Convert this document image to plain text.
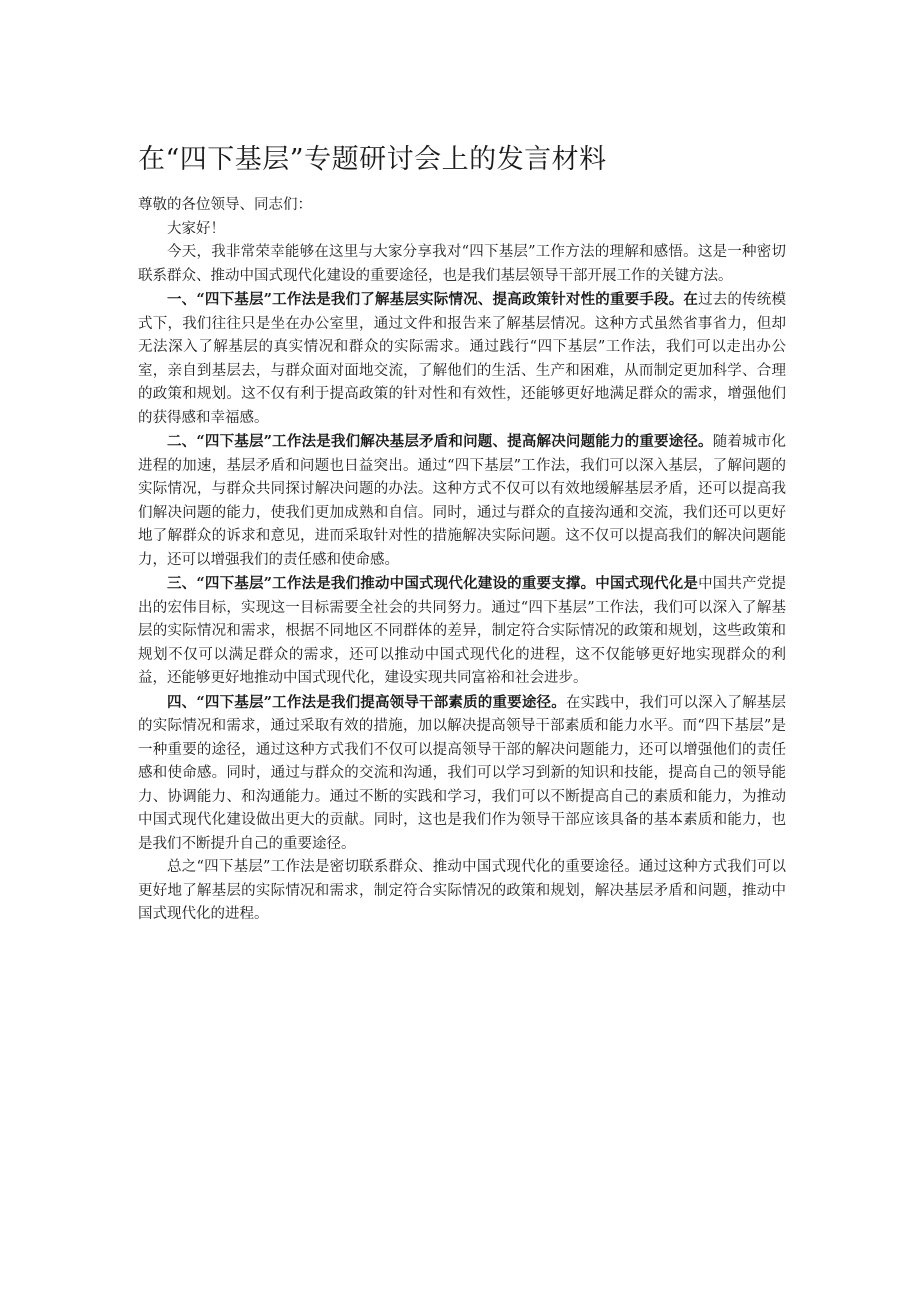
在“四下基层”专题研讨会上的发言材料

尊敬的各位领导、同志们：

大家好！

今天，我非常荣幸能够在这里与大家分享我对“四下基层”工作方法的理解和感悟。这是一种密切联系群众、推动中国式现代化建设的重要途径，也是我们基层领导干部开展工作的关键方法。

一、“四下基层”工作法是我们了解基层实际情况、提高政策针对性的重要手段。在过去的传统模式下，我们往往只是坐在办公室里，通过文件和报告来了解基层情况。这种方式虽然省事省力，但却无法深入了解基层的真实情况和群众的实际需求。通过践行“四下基层”工作法，我们可以走出办公室，亲自到基层去，与群众面对面地交流，了解他们的生活、生产和困难，从而制定更加科学、合理的政策和规划。这不仅有利于提高政策的针对性和有效性，还能够更好地满足群众的需求，增强他们的获得感和幸福感。

二、“四下基层”工作法是我们解决基层矛盾和问题、提高解决问题能力的重要途径。随着城市化进程的加速，基层矛盾和问题也日益突出。通过“四下基层”工作法，我们可以深入基层，了解问题的实际情况，与群众共同探讨解决问题的办法。这种方式不仅可以有效地缓解基层矛盾，还可以提高我们解决问题的能力，使我们更加成熟和自信。同时，通过与群众的直接沟通和交流，我们还可以更好地了解群众的诉求和意见，进而采取针对性的措施解决实际问题。这不仅可以提高我们的解决问题能力，还可以增强我们的责任感和使命感。

三、“四下基层”工作法是我们推动中国式现代化建设的重要支撑。中国式现代化是中国共产党提出的宏伟目标，实现这一目标需要全社会的共同努力。通过“四下基层”工作法，我们可以深入了解基层的实际情况和需求，根据不同地区不同群体的差异，制定符合实际情况的政策和规划，这些政策和规划不仅可以满足群众的需求，还可以推动中国式现代化的进程，这不仅能够更好地实现群众的利益，还能够更好地推动中国式现代化，建设实现共同富裕和社会进步。

四、“四下基层”工作法是我们提高领导干部素质的重要途径。在实践中，我们可以深入了解基层的实际情况和需求，通过采取有效的措施，加以解决提高领导干部素质和能力水平。而“四下基层”是一种重要的途径，通过这种方式我们不仅可以提高领导干部的解决问题能力，还可以增强他们的责任感和使命感。同时，通过与群众的交流和沟通，我们可以学习到新的知识和技能，提高自己的领导能力、协调能力、和沟通能力。通过不断的实践和学习，我们可以不断提高自己的素质和能力，为推动中国式现代化建设做出更大的贡献。同时，这也是我们作为领导干部应该具备的基本素质和能力，也是我们不断提升自己的重要途径。

总之“四下基层”工作法是密切联系群众、推动中国式现代化的重要途径。通过这种方式我们可以更好地了解基层的实际情况和需求，制定符合实际情况的政策和规划，解决基层矛盾和问题，推动中国式现代化的进程。
